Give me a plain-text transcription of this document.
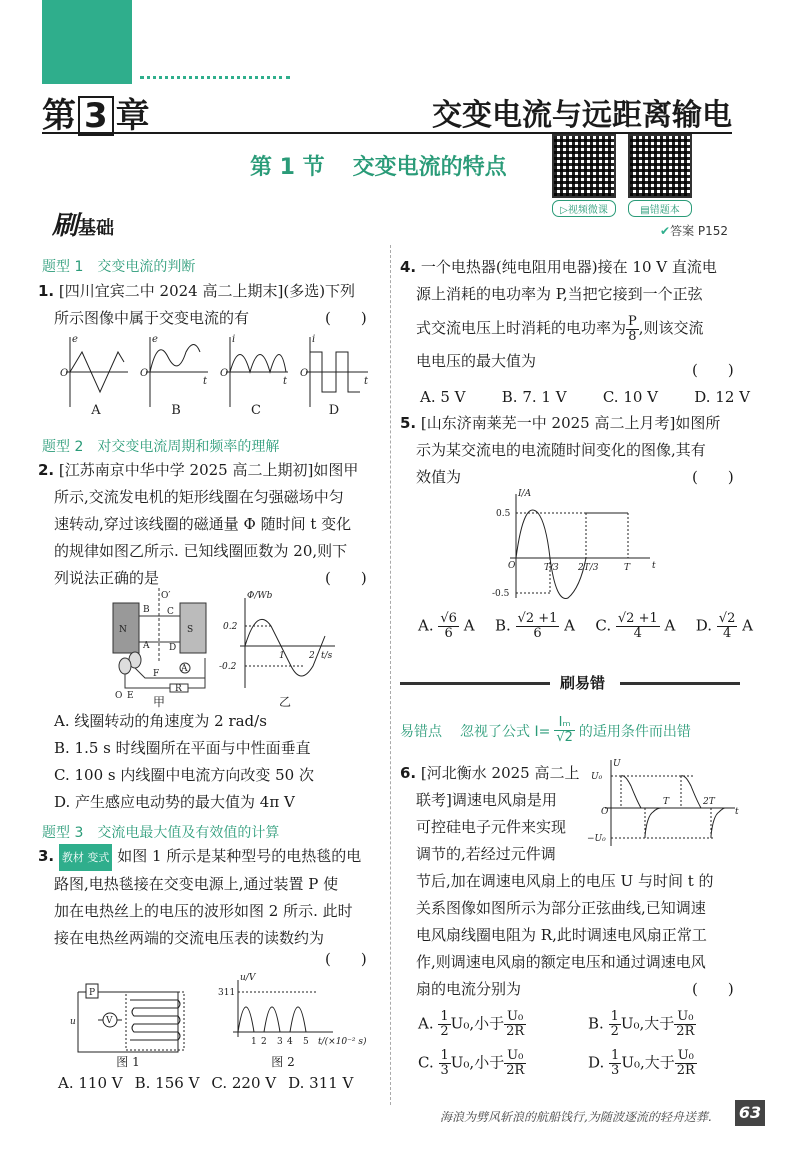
第 3 章	交变电流与远距离输电
第 1 节 交变电流的特点
▷视频微课	▤错题本
刷基础	✔答案 P152
题型 1　交变电流的判断
1. [四川宜宾二中 2024 高二上期末](多选)下列
所示图像中属于交变电流的有	(　　)
e
O
e
O
t
i
O
t
i
O
t
A	B	C	D
题型 2　对交变电流周期和频率的理解
2. [江苏南京中华中学 2025 高二上期初]如图甲
所示,交流发电机的矩形线圈在匀强磁场中匀
速转动,穿过该线圈的磁通量 Φ 随时间 t 变化
的规律如图乙所示. 已知线圈匝数为 20,则下
列说法正确的是	(　　)
N	S
O′
B C
A D
F
O E
A
R
Φ/Wb
0.2
-0.2
1	2 t/s
甲	乙
A. 线圈转动的角速度为 2 rad/s
B. 1.5 s 时线圈所在平面与中性面垂直
C. 100 s 内线圈中电流方向改变 50 次
D. 产生感应电动势的最大值为 4π V
题型 3　交流电最大值及有效值的计算
3. 教材 变式 如图 1 所示是某种型号的电热毯的电
路图,电热毯接在交变电源上,通过装置 P 使
加在电热丝上的电压的波形如图 2 所示. 此时
接在电热丝两端的交流电压表的读数约为
(　　)
P
V
u
u/V
311
1 2 3 4 5 t/(×10⁻² s)
图 1	图 2
A. 110 V B. 156 V C. 220 V D. 311 V
4. 一个电热器(纯电阻用电器)接在 10 V 直流电
源上消耗的电功率为 P,当把它接到一个正弦
式交流电压上时消耗的电功率为 $\frac{P}{8}$ ,则该交流
电电压的最大值为	(　　)
A. 5 V B. 7. 1 V C. 10 V D. 12 V
5. [山东济南莱芜一中 2025 高二上月考]如图所
示为某交流电的电流随时间变化的图像,其有
效值为	(　　)
I/A
0.5
-0.5
O	T/3 2T/3	T t
A. $\frac{√6}{6}$ A B. $\frac{√2 +1}{6}$ A C. $\frac{√2 +1}{4}$ A D. $\frac{√2}{4}$ A
刷易错
易错点 忽视了公式 $I= \frac{\text{Iₘ}}{√2}$ 的适用条件而出错
6. [河北衡水 2025 高二上
联考]调速电风扇是用
可控硅电子元件来实现
调节的,若经过元件调
U
U₀
−U₀
O
T	2T
t
节后,加在调速电风扇上的电压 U 与时间 t 的
关系图像如图所示为部分正弦曲线,已知调速
电风扇线圈电阻为 R,此时调速电风扇正常工
作,则调速电风扇的额定电压和通过调速电风
扇的电流分别为	(　　)
A. $\frac{1}{2} U_0$,小于 $\frac{\text{U₀}}{2R}$	B. $\frac{1}{2} U_0$,大于 $\frac{\text{U₀}}{2R}$
C. $\frac{1}{3} U_0$,小于 $\frac{\text{U₀}}{2R}$	D. $\frac{1}{3} U_0$,大于 $\frac{\text{U₀}}{2R}$
海浪为劈风斩浪的航船饯行,为随波逐流的轻舟送葬. 63
